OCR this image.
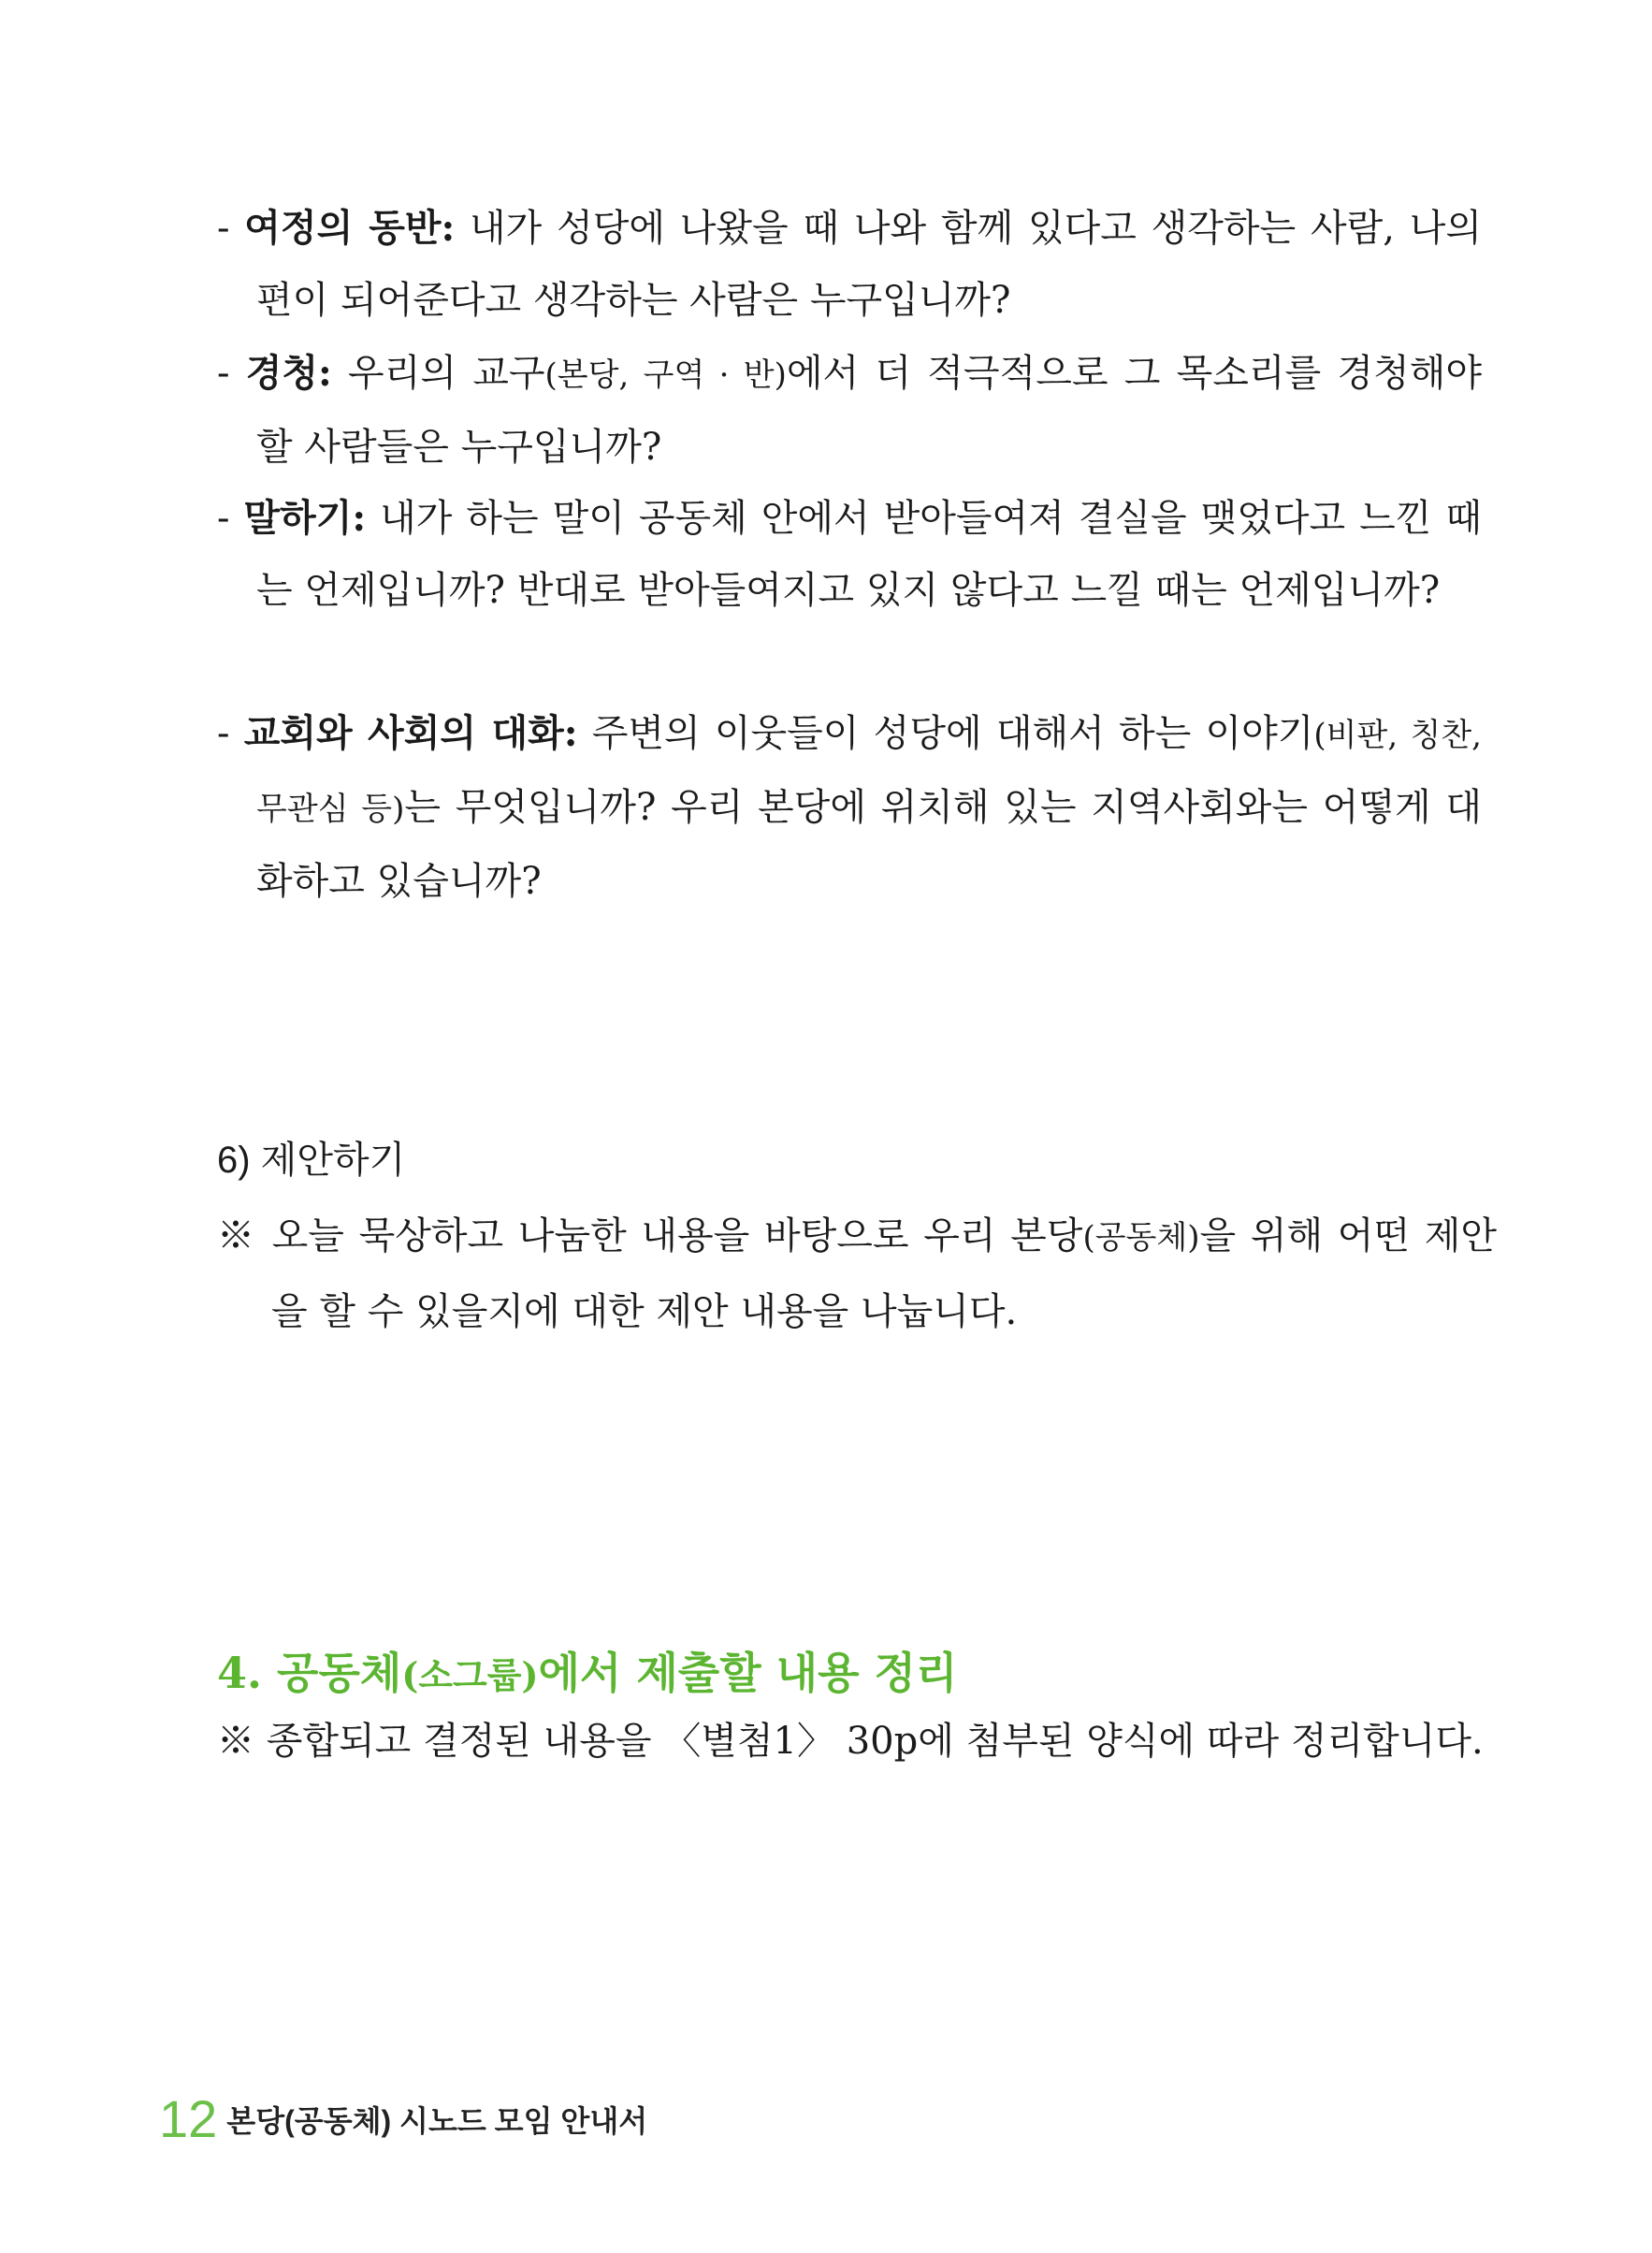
- 여정의 동반: 내가 성당에 나왔을 때 나와 함께 있다고 생각하는 사람, 나의 편이 되어준다고 생각하는 사람은 누구입니까?
- 경청: 우리의 교구(본당, 구역 · 반)에서 더 적극적으로 그 목소리를 경청해야 할 사람들은 누구입니까?
- 말하기: 내가 하는 말이 공동체 안에서 받아들여져 결실을 맺었다고 느낀 때는 언제입니까? 반대로 받아들여지고 있지 않다고 느낄 때는 언제입니까?
- 교회와 사회의 대화: 주변의 이웃들이 성당에 대해서 하는 이야기(비판, 칭찬, 무관심 등)는 무엇입니까? 우리 본당에 위치해 있는 지역사회와는 어떻게 대화하고 있습니까?
6) 제안하기
※ 오늘 묵상하고 나눔한 내용을 바탕으로 우리 본당(공동체)을 위해 어떤 제안을 할 수 있을지에 대한 제안 내용을 나눕니다.
4. 공동체(소그룹)에서 제출할 내용 정리
※ 종합되고 결정된 내용을 〈별첨1〉 30p에 첨부된 양식에 따라 정리합니다.
12 본당(공동체) 시노드 모임 안내서
